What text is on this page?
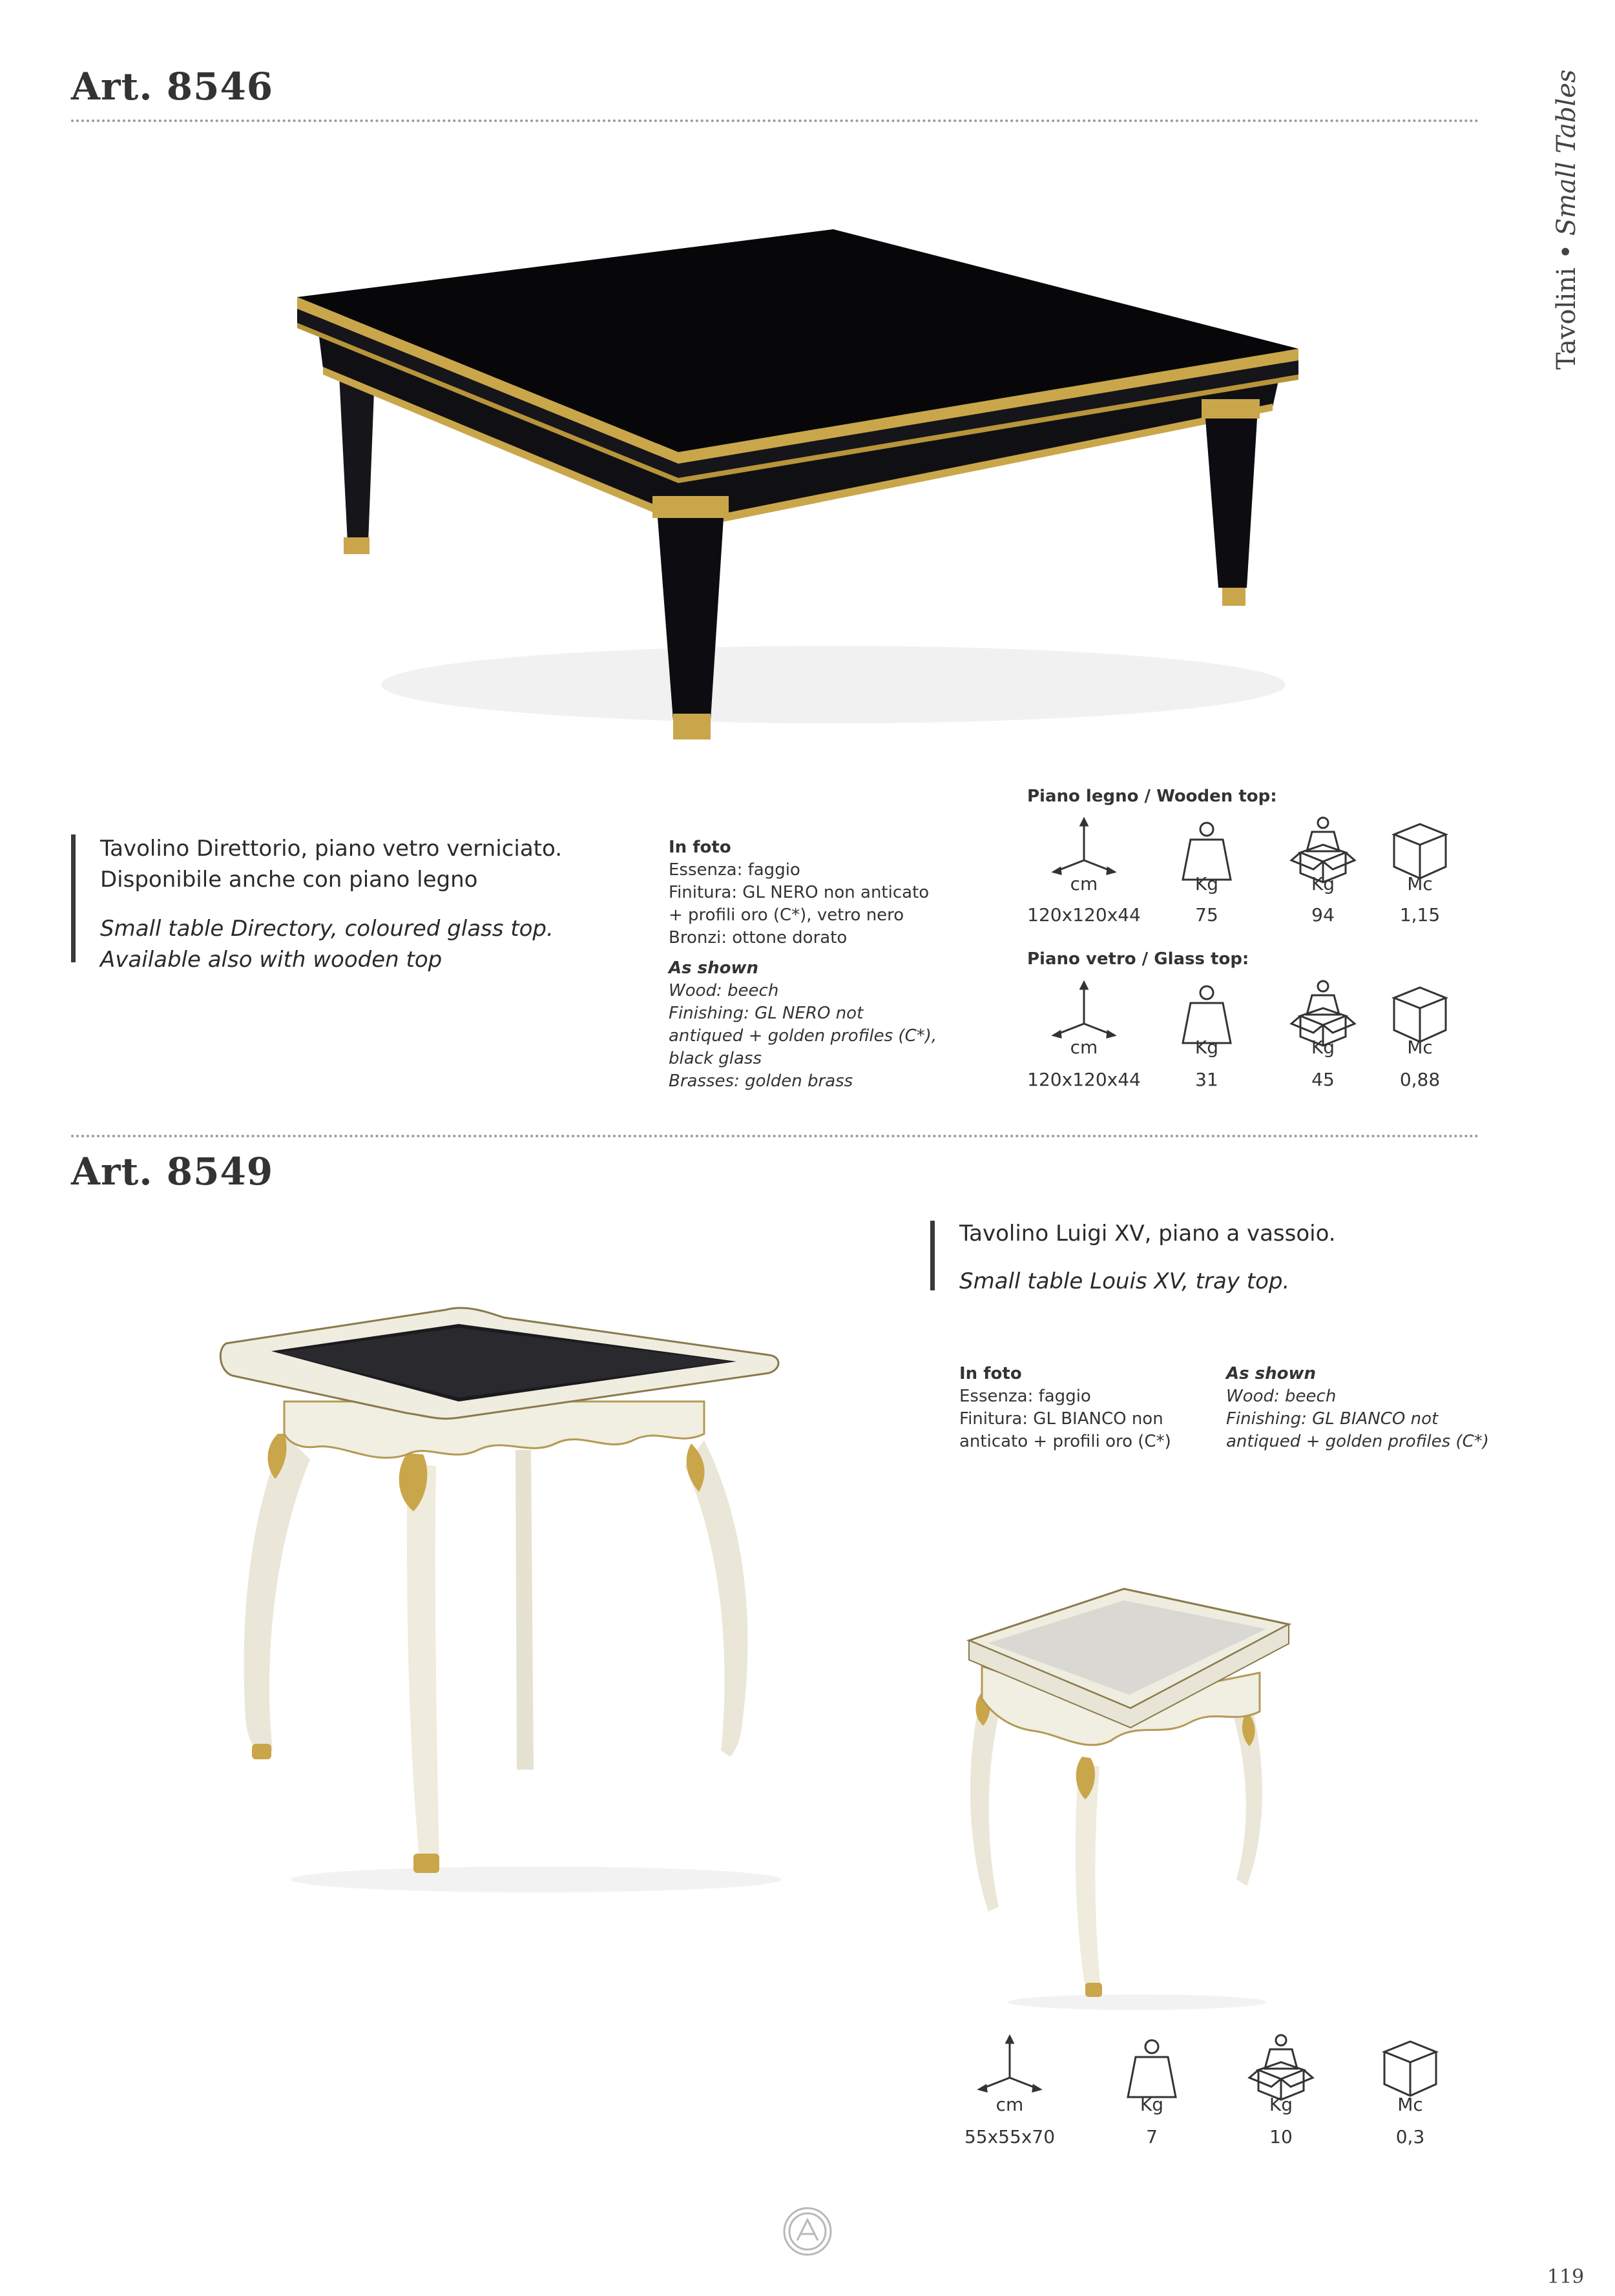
Tavolini • Small Tables
Art. 8546
Tavolino Direttorio, piano vetro verniciato.
Disponibile anche con piano legno
Small table Directory, coloured glass top.
Available also with wooden top
In foto
Essenza: faggio
Finitura: GL NERO non anticato
+ profili oro (C*), vetro nero
Bronzi: ottone dorato
As shown
Wood: beech
Finishing: GL NERO not
antiqued + golden profiles (C*),
black glass
Brasses: golden brass
Piano legno / Wooden top:
cm	Kg	Kg	Mc
120x120x44	75	94	1,15
Piano vetro / Glass top:
cm	Kg	Kg	Mc
120x120x44	31	45	0,88
Art. 8549
Tavolino Luigi XV, piano a vassoio.
Small table Louis XV, tray top.
In foto
Essenza: faggio
Finitura: GL BIANCO non
anticato + profili oro (C*)
As shown
Wood: beech
Finishing: GL BIANCO not
antiqued + golden profiles (C*)
cm	Kg	Kg	Mc
55x55x70	7	10	0,3
119
